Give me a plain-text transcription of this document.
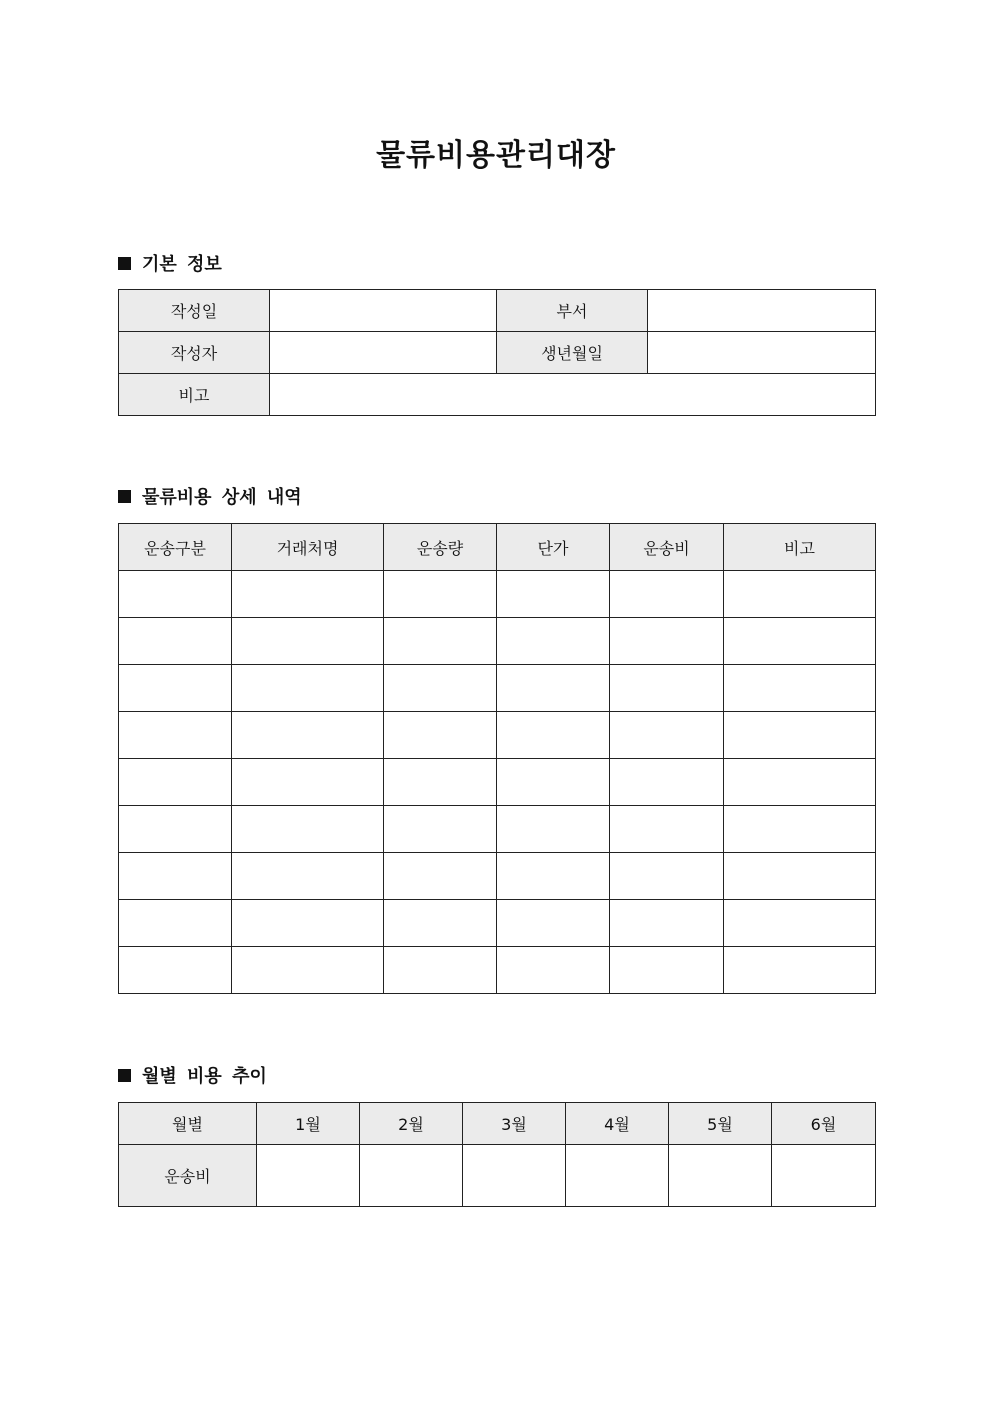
물류비용관리대장
기본 정보
작성일		부서	
작성자		생년월일	
비고			
물류비용 상세 내역
운송구분	거래처명	운송량	단가	운송비	비고

월별 비용 추이
월별	1월	2월	3월	4월	5월	6월
운송비						
